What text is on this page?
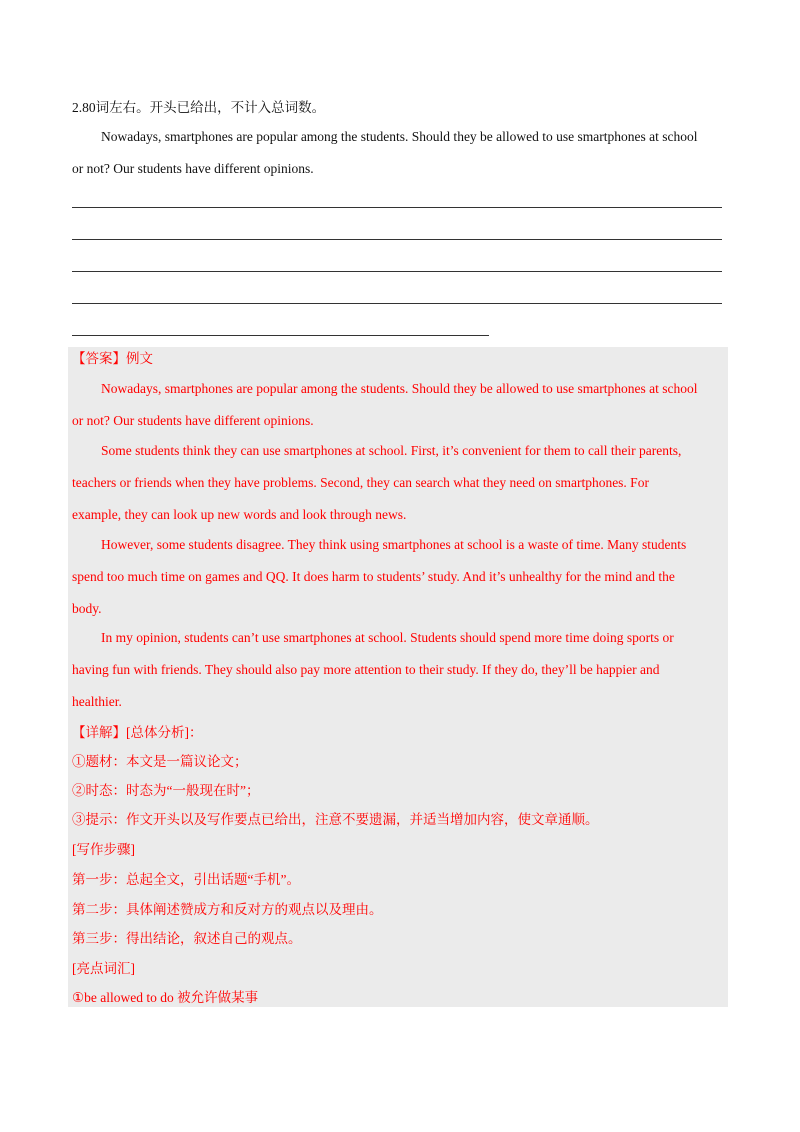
2.80词左右。开头已给出，不计入总词数。
Nowadays, smartphones are popular among the students. Should they be allowed to use smartphones at school
or not? Our students have different opinions.
【答案】例文
Nowadays, smartphones are popular among the students. Should they be allowed to use smartphones at school
or not? Our students have different opinions.
Some students think they can use smartphones at school. First, it’s convenient for them to call their parents,
teachers or friends when they have problems. Second, they can search what they need on smartphones. For
example, they can look up new words and look through news.
However, some students disagree. They think using smartphones at school is a waste of time. Many students
spend too much time on games and QQ. It does harm to students’ study. And it’s unhealthy for the mind and the
body.
In my opinion, students can’t use smartphones at school. Students should spend more time doing sports or
having fun with friends. They should also pay more attention to their study. If they do, they’ll be happier and
healthier.
【详解】[总体分析]：
①题材：本文是一篇议论文；
②时态：时态为“一般现在时”；
③提示：作文开头以及写作要点已给出，注意不要遗漏，并适当增加内容，使文章通顺。
[写作步骤]
第一步：总起全文，引出话题“手机”。
第二步：具体阐述赞成方和反对方的观点以及理由。
第三步：得出结论，叙述自己的观点。
[亮点词汇]
①be allowed to do 被允许做某事
